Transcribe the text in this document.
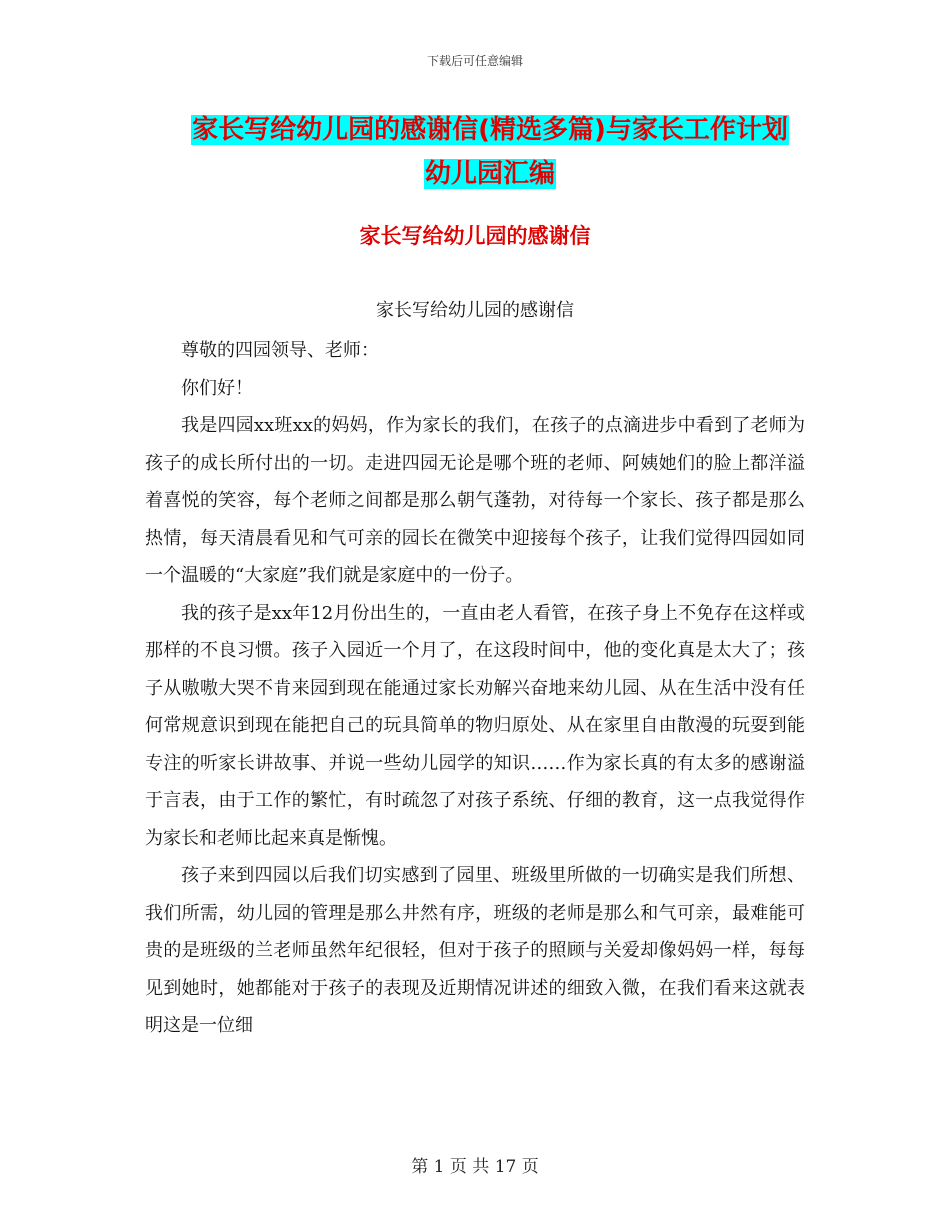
下载后可任意编辑
家长写给幼儿园的感谢信(精选多篇)与家长工作计划
幼儿园汇编
家长写给幼儿园的感谢信
家长写给幼儿园的感谢信

尊敬的四园领导、老师：

你们好！

我是四园xx班xx的妈妈，作为家长的我们，在孩子的点滴进步中看到了老师为孩子的成长所付出的一切。走进四园无论是哪个班的老师、阿姨她们的脸上都洋溢着喜悦的笑容，每个老师之间都是那么朝气蓬勃，对待每一个家长、孩子都是那么热情，每天清晨看见和气可亲的园长在微笑中迎接每个孩子，让我们觉得四园如同一个温暖的“大家庭”我们就是家庭中的一份子。

我的孩子是xx年12月份出生的，一直由老人看管，在孩子身上不免存在这样或那样的不良习惯。孩子入园近一个月了，在这段时间中，他的变化真是太大了；孩子从嗷嗷大哭不肯来园到现在能通过家长劝解兴奋地来幼儿园、从在生活中没有任何常规意识到现在能把自己的玩具简单的物归原处、从在家里自由散漫的玩耍到能专注的听家长讲故事、并说一些幼儿园学的知识……作为家长真的有太多的感谢溢于言表，由于工作的繁忙，有时疏忽了对孩子系统、仔细的教育，这一点我觉得作为家长和老师比起来真是惭愧。

孩子来到四园以后我们切实感到了园里、班级里所做的一切确实是我们所想、我们所需，幼儿园的管理是那么井然有序，班级的老师是那么和气可亲，最难能可贵的是班级的兰老师虽然年纪很轻，但对于孩子的照顾与关爱却像妈妈一样，每每见到她时，她都能对于孩子的表现及近期情况讲述的细致入微，在我们看来这就表明这是一位细

第 1 页 共 17 页
